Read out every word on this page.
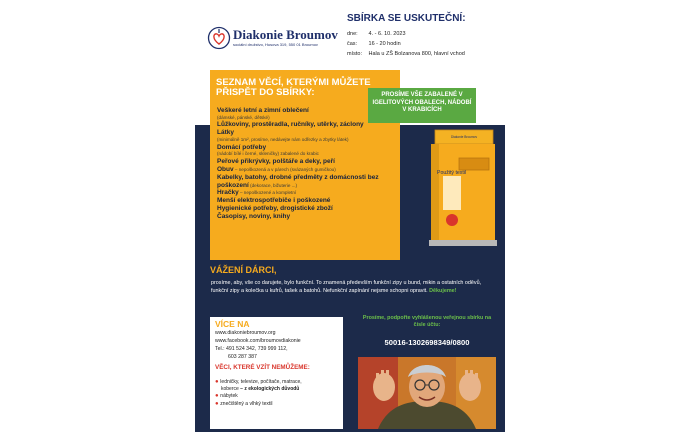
Diakonie Broumov
sociální družstvo, Husova 319, 550 01 Broumov
SBÍRKA SE USKUTEČNÍ:
dne: 4. - 6. 10. 2023
čas: 16 - 20 hodin
místo: Hala u ZŠ Bolzanova 800, hlavní vchod
SEZNAM VĚCÍ, KTERÝMI MŮŽETE PŘISPĚT DO SBÍRKY:
Veškeré letní a zimní oblečení
(dámské, pánské, dětské)
Lůžkoviny, prostěradla, ručníky, utěrky, záclony
Látky
(minimálně 1m², prosíme, nedávejte nám odřezky a zbytky látek)
Domácí potřeby
(nádobí bílé i černé, skleničky) zabalené do krabic
Peřové přikrývky, polštáře a deky, peří
Obuv – nepoškozená a v párech (svázaných gumičkou)
Kabelky, batohy, drobné předměty z domácnosti bez
poškození (dekorace, bižuterie ...)
Hračky – nepoškozené a kompletní
Menší elektrospotřebiče i poškozené
Hygienické potřeby, drogistické zboží
Časopisy, noviny, knihy
PROSÍME VŠE ZABALENÉ V IGELITOVÝCH OBALECH, NÁDOBÍ V KRABICÍCH
Diakonie Broumov
Použitý textil
VÁŽENÍ DÁRCI,
prosíme, aby, vše co darujete, bylo funkční. To znamená především funkční zipy u bund, mikin a ostatních oděvů, funkční zipy a kolečka u kufrů, tašek a batohů. Nefunkční zapínání nejsme schopni opravit. Děkujeme!
VÍCE NA
www.diakoniebroumov.org
www.facebook.com/broumovdiakonie
Tel.: 491 524 342, 739 999 112,
603 287 387
VĚCI, KTERÉ VZÍT NEMŮŽEME:
● ledničky, televize, počítače, matrace,
koberce – z ekologických důvodů
● nábytek
● znečištěný a vlhký textil
Prosíme, podpořte vyhlášenou veřejnou sbírku na čísle účtu:
50016-1302698349/0800
